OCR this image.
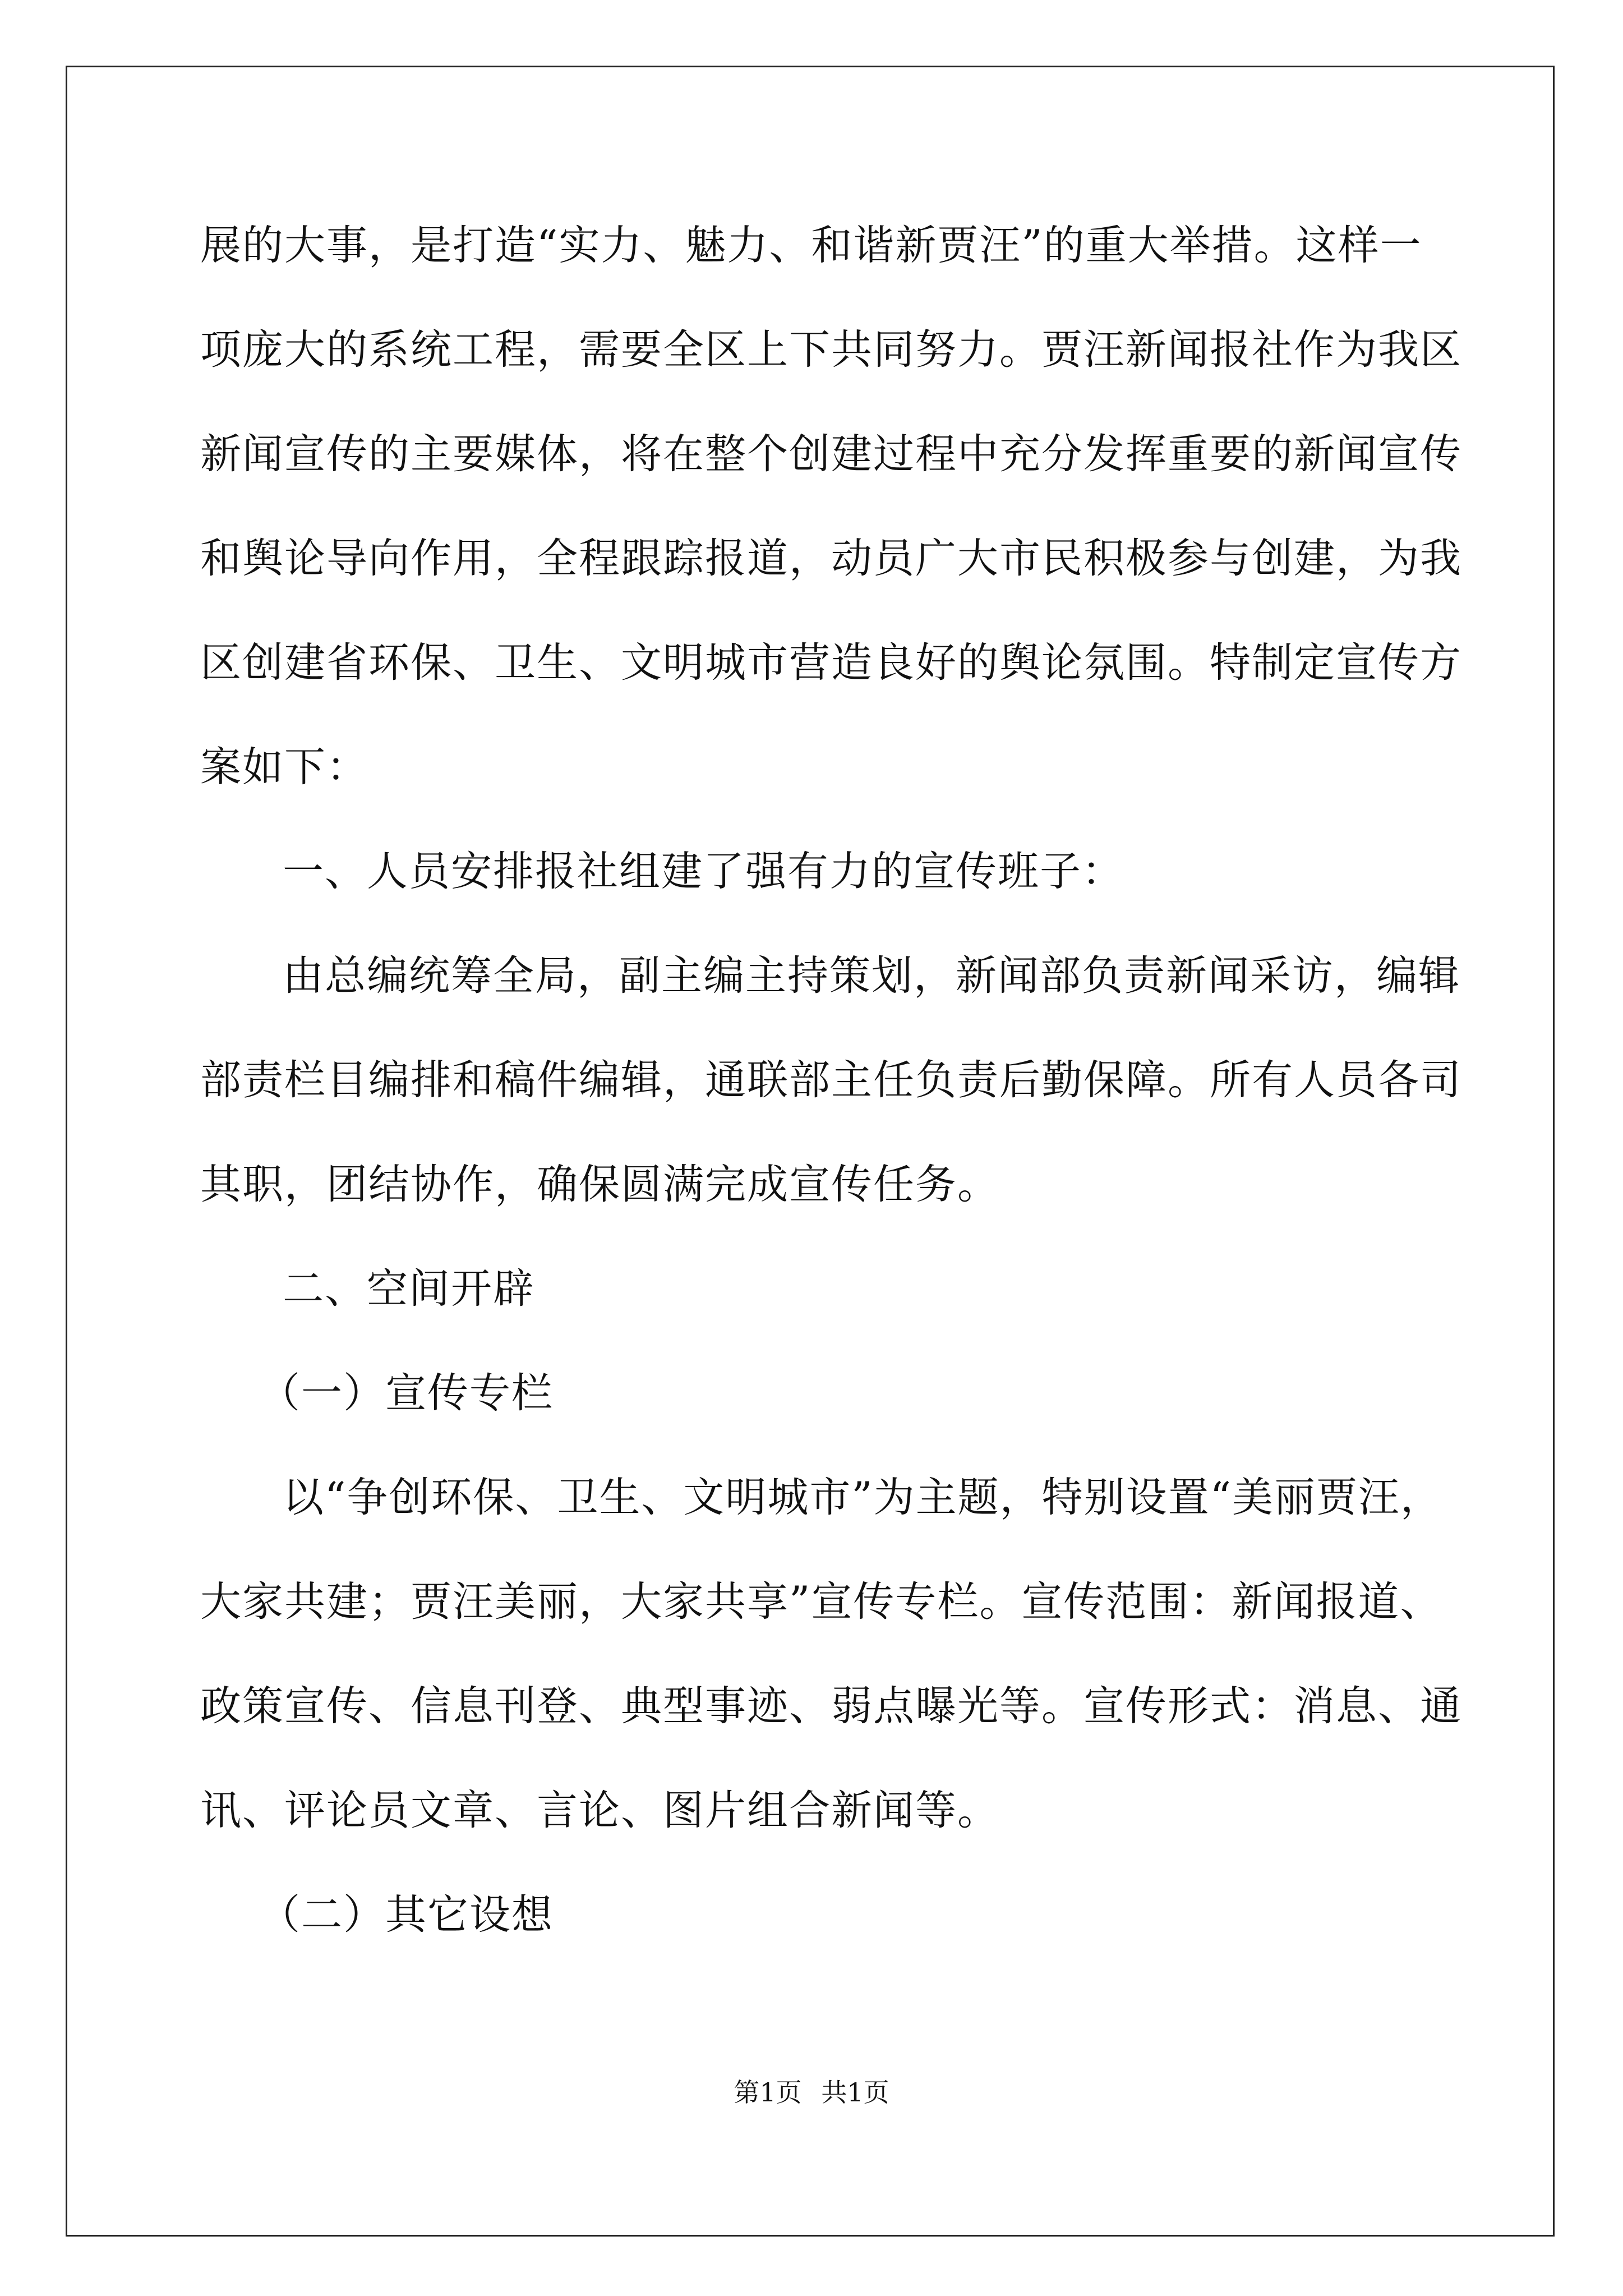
展的大事，是打造“实力、魅力、和谐新贾汪”的重大举措。这样一
项庞大的系统工程，需要全区上下共同努力。贾汪新闻报社作为我区
新闻宣传的主要媒体，将在整个创建过程中充分发挥重要的新闻宣传
和舆论导向作用，全程跟踪报道，动员广大市民积极参与创建，为我
区创建省环保、卫生、文明城市营造良好的舆论氛围。特制定宣传方
案如下：
一、人员安排报社组建了强有力的宣传班子：
由总编统筹全局，副主编主持策划，新闻部负责新闻采访，编辑
部责栏目编排和稿件编辑，通联部主任负责后勤保障。所有人员各司
其职，团结协作，确保圆满完成宣传任务。
二、空间开辟
（一）宣传专栏
以“争创环保、卫生、文明城市”为主题，特别设置“美丽贾汪，
大家共建；贾汪美丽，大家共享”宣传专栏。宣传范围：新闻报道、
政策宣传、信息刊登、典型事迹、弱点曝光等。宣传形式：消息、通
讯、评论员文章、言论、图片组合新闻等。
（二）其它设想
第1页 共1页
